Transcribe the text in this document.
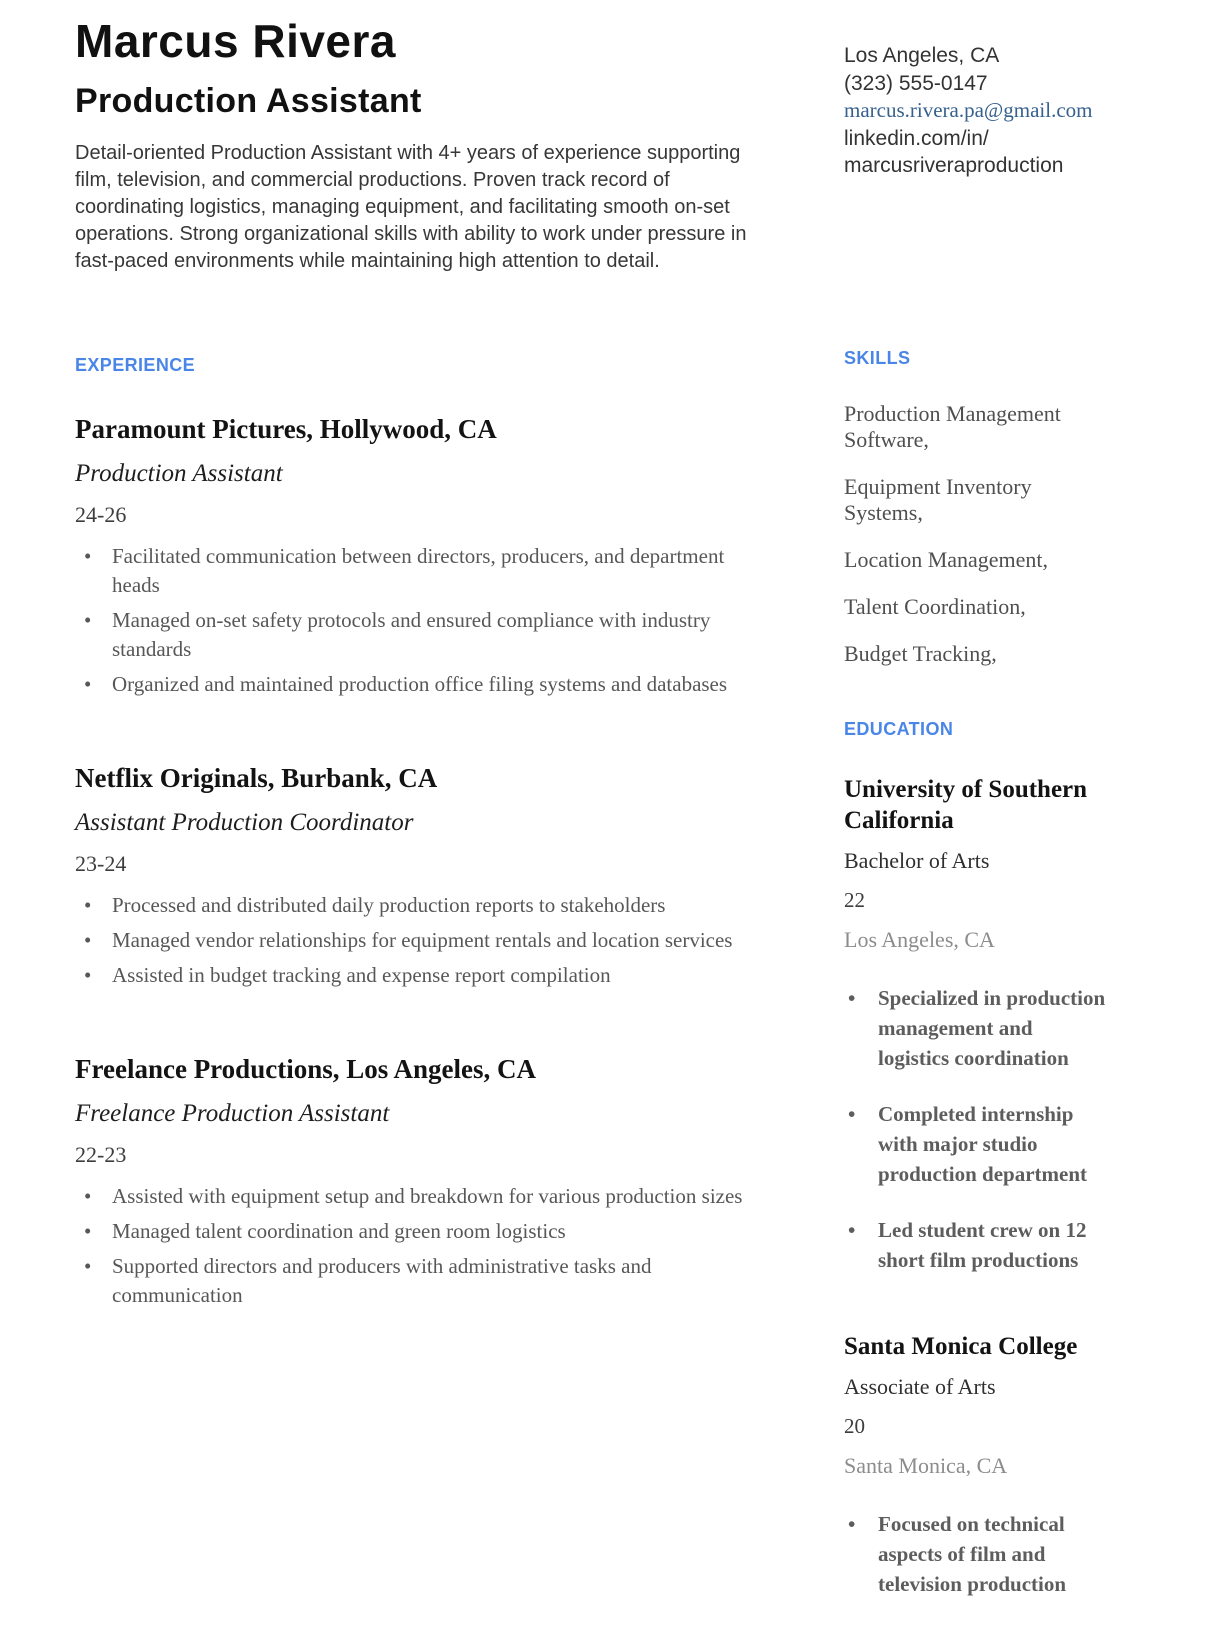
Marcus Rivera
Production Assistant

Detail-oriented Production Assistant with 4+ years of experience supporting film, television, and commercial productions. Proven track record of coordinating logistics, managing equipment, and facilitating smooth on-set operations. Strong organizational skills with ability to work under pressure in fast-paced environments while maintaining high attention to detail.

EXPERIENCE
Paramount Pictures, Hollywood, CA
Production Assistant
24-26
• Facilitated communication between directors, producers, and department heads
• Managed on-set safety protocols and ensured compliance with industry standards
• Organized and maintained production office filing systems and databases
Netflix Originals, Burbank, CA
Assistant Production Coordinator
23-24
• Processed and distributed daily production reports to stakeholders
• Managed vendor relationships for equipment rentals and location services
• Assisted in budget tracking and expense report compilation
Freelance Productions, Los Angeles, CA
Freelance Production Assistant
22-23
• Assisted with equipment setup and breakdown for various production sizes
• Managed talent coordination and green room logistics
• Supported directors and producers with administrative tasks and communication
Los Angeles, CA
(323) 555-0147
marcus.rivera.pa@gmail.com
linkedin.com/in/
marcusriveraproduction
SKILLS
Production Management Software,
Equipment Inventory Systems,
Location Management,
Talent Coordination,
Budget Tracking,
EDUCATION
University of Southern California
Bachelor of Arts
22
Los Angeles, CA
• Specialized in production management and logistics coordination
• Completed internship with major studio production department
• Led student crew on 12 short film productions
Santa Monica College
Associate of Arts
20
Santa Monica, CA
• Focused on technical aspects of film and television production
